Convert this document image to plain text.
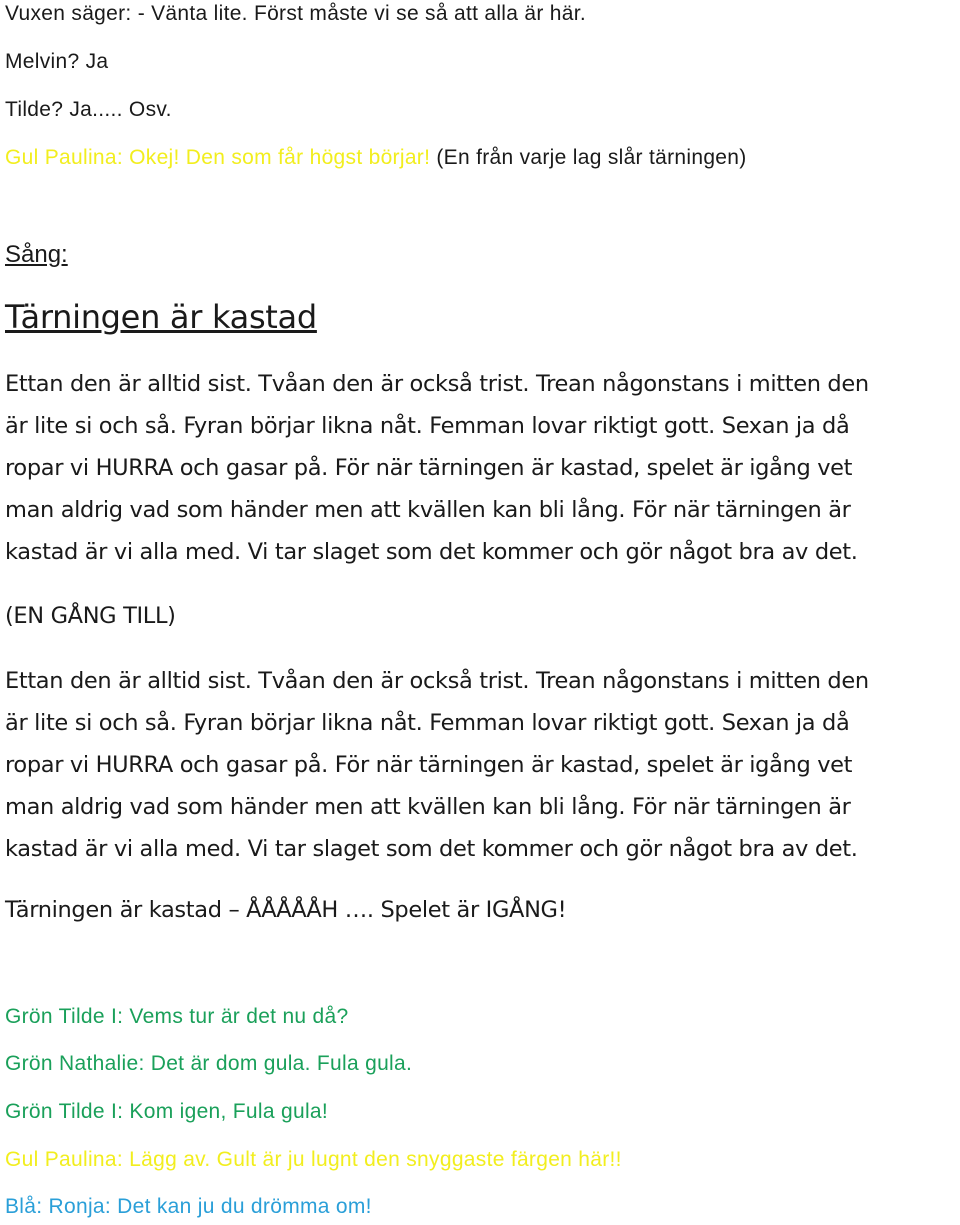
Vuxen säger: - Vänta lite. Först måste vi se så att alla är här.
Melvin? Ja
Tilde? Ja..... Osv.
Gul Paulina: Okej! Den som får högst börjar! (En från varje lag slår tärningen)
Sång:
Tärningen är kastad
Ettan den är alltid sist. Tvåan den är också trist. Trean någonstans i mitten den
är lite si och så. Fyran börjar likna nåt. Femman lovar riktigt gott. Sexan ja då
ropar vi HURRA och gasar på. För när tärningen är kastad, spelet är igång vet
man aldrig vad som händer men att kvällen kan bli lång. För när tärningen är
kastad är vi alla med. Vi tar slaget som det kommer och gör något bra av det.
(EN GÅNG TILL)
Ettan den är alltid sist. Tvåan den är också trist. Trean någonstans i mitten den
är lite si och så. Fyran börjar likna nåt. Femman lovar riktigt gott. Sexan ja då
ropar vi HURRA och gasar på. För när tärningen är kastad, spelet är igång vet
man aldrig vad som händer men att kvällen kan bli lång. För när tärningen är
kastad är vi alla med. Vi tar slaget som det kommer och gör något bra av det.
Tärningen är kastad – ÅÅÅÅÅH …. Spelet är IGÅNG!
Grön Tilde I: Vems tur är det nu då?
Grön Nathalie: Det är dom gula. Fula gula.
Grön Tilde I: Kom igen, Fula gula!
Gul Paulina: Lägg av. Gult är ju lugnt den snyggaste färgen här!!
Blå: Ronja: Det kan ju du drömma om!
